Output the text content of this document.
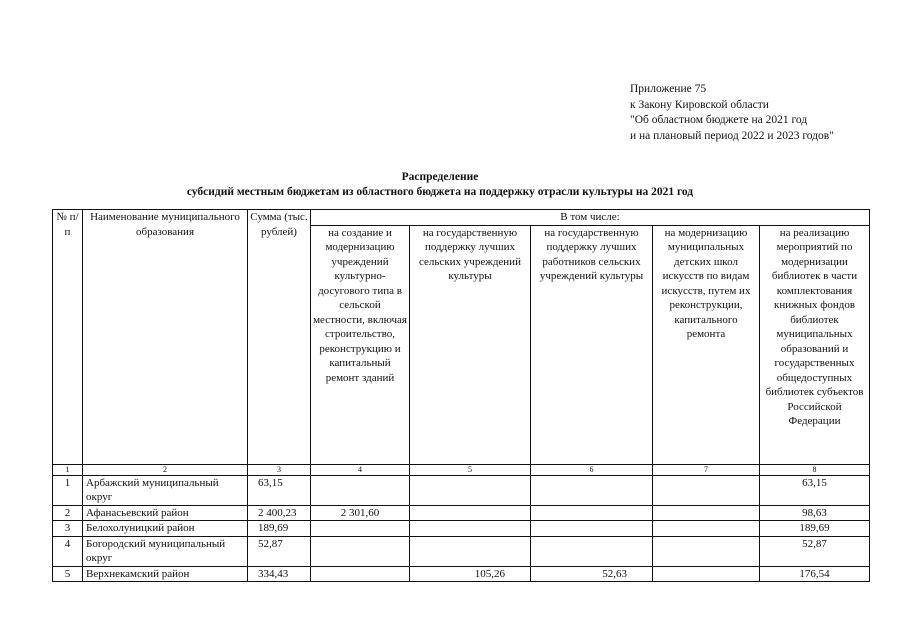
Приложение 75
к Закону Кировской области
"Об областном бюджете на 2021 год
и на плановый период 2022 и 2023 годов"
Распределение
субсидий местным бюджетам из областного бюджета на поддержку отрасли культуры на 2021 год
№ п/п	Наименование муниципального образования	Сумма (тыс. рублей)	В том числе:				
			на создание и модернизацию учреждений культурно-досугового типа в сельской местности, включая строительство, реконструкцию и капитальный ремонт зданий	на государственную поддержку лучших сельских учреждений культуры	на государственную поддержку лучших работников сельских учреждений культуры	на модернизацию муниципальных детских школ искусств по видам искусств, путем их реконструкции, капитального ремонта	на реализацию мероприятий по модернизации библиотек в части комплектования книжных фондов библиотек муниципальных образований и государственных общедоступных библиотек субъектов Российской Федерации
1	2	3	4	5	6	7	8
1	Арбажский муниципальный округ	63,15					63,15
2	Афанасьевский район	2 400,23	2 301,60				98,63
3	Белохолуницкий район	189,69					189,69
4	Богородский муниципальный округ	52,87					52,87
5	Верхнекамский район	334,43		105,26	52,63		176,54
